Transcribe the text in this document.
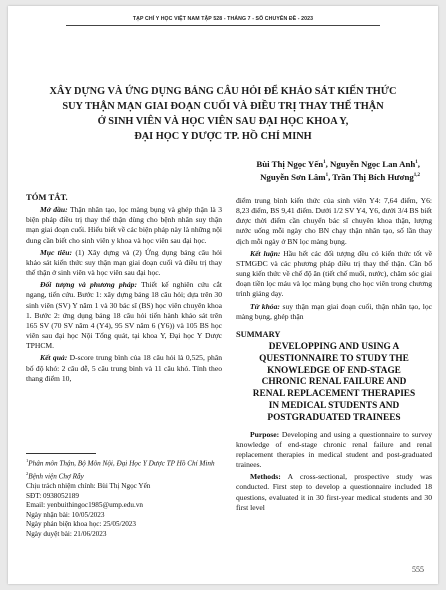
TẠP CHÍ Y HỌC VIỆT NAM TẬP 528 - THÁNG 7 - SỐ CHUYÊN ĐỀ - 2023
XÂY DỰNG VÀ ỨNG DỤNG BẢNG CÂU HỎI ĐỂ KHẢO SÁT KIẾN THỨC
SUY THẬN MẠN GIAI ĐOẠN CUỐI VÀ ĐIỀU TRỊ THAY THẾ THẬN
Ở SINH VIÊN VÀ HỌC VIÊN SAU ĐẠI HỌC KHOA Y,
ĐẠI HỌC Y DƯỢC TP. HỒ CHÍ MINH
Bùi Thị Ngọc Yến$^1$, Nguyễn Ngọc Lan Anh$^1$,
Nguyễn Sơn Lâm$^1$, Trần Thị Bích Hương$^{1,2}$
TÓM TẮT.

Mở đầu: Thận nhân tạo, lọc màng bụng và ghép thận là 3 biện pháp điều trị thay thế thận dùng cho bệnh nhân suy thận mạn giai đoạn cuối. Hiểu biết về các biện pháp này là những nội dung cần biết cho sinh viên y khoa và học viên sau đại học.

Mục tiêu: (1) Xây dựng và (2) Ứng dụng bảng câu hỏi khảo sát kiến thức suy thận mạn giai đoạn cuối và điều trị thay thế thận ở sinh viên và học viên sau đại học.

Đối tượng và phương pháp: Thiết kế nghiên cứu cắt ngang, tiến cứu. Bước 1: xây dựng bảng 18 câu hỏi; dựa trên 30 sinh viên (SV) Y năm 1 và 30 bác sĩ (BS) học viên chuyên khoa 1. Bước 2: ứng dụng bảng 18 câu hỏi tiến hành khảo sát trên 165 SV (70 SV năm 4 (Y4), 95 SV năm 6 (Y6)) và 105 BS học viên sau đại học Nội Tổng quát, tại khoa Y, Đại học Y Dược TPHCM.

Kết quả: D-score trung bình của 18 câu hỏi là 0,525, phân bố độ khó: 2 câu dễ, 5 câu trung bình và 11 câu khó. Tính theo thang điểm 10,

$^1$Phân môn Thận, Bộ Môn Nội, Đại Học Y Dược TP Hồ Chí Minh
$^2$Bệnh viện Chợ Rẫy
Chịu trách nhiệm chính: Bùi Thị Ngọc Yến
SĐT: 0938052189
Email: yenbuithingoc1985@ump.edu.vn
Ngày nhận bài: 10/05/2023
Ngày phản biện khoa học: 25/05/2023
Ngày duyệt bài: 21/06/2023

điểm trung bình kiến thức của sinh viên Y4: 7,64 điểm, Y6: 8,23 điểm, BS 9,41 điểm. Dưới 1/2 SV Y4, Y6, dưới 3/4 BS biết được thời điểm cần chuyển bác sĩ chuyên khoa thận, lượng nước uống mỗi ngày cho BN chạy thận nhân tạo, số lần thay dịch mỗi ngày ở BN lọc màng bụng.

Kết luận: Hầu hết các đối tượng đều có kiến thức tốt về STMGĐC và các phương pháp điều trị thay thế thận. Cần bổ sung kiến thức về chế độ ăn (tiết chế muối, nước), chăm sóc giai đoạn tiền lọc máu và lọc màng bụng cho học viên trong chương trình giảng dạy.

Từ khóa: suy thận mạn giai đoạn cuối, thận nhân tạo, lọc màng bụng, ghép thận

SUMMARY
DEVELOPPING AND USING A
QUESTIONNAIRE TO STUDY THE
KNOWLEDGE OF END-STAGE
CHRONIC RENAL FAILURE AND
RENAL REPLACEMENT THERAPIES
IN MEDICAL STUDENTS AND
POSTGRADUATED TRAINEES

Purpose: Developing and using a questionnaire to survey knowledge of end-stage chronic renal failure and renal replacement therapies in medical student and post-graduated trainees.

Methods: A cross-sectional, prospective study was conducted. First step to develop a questionnaire included 18 questions, evaluated it in 30 first-year medical students and 30 first level

555
